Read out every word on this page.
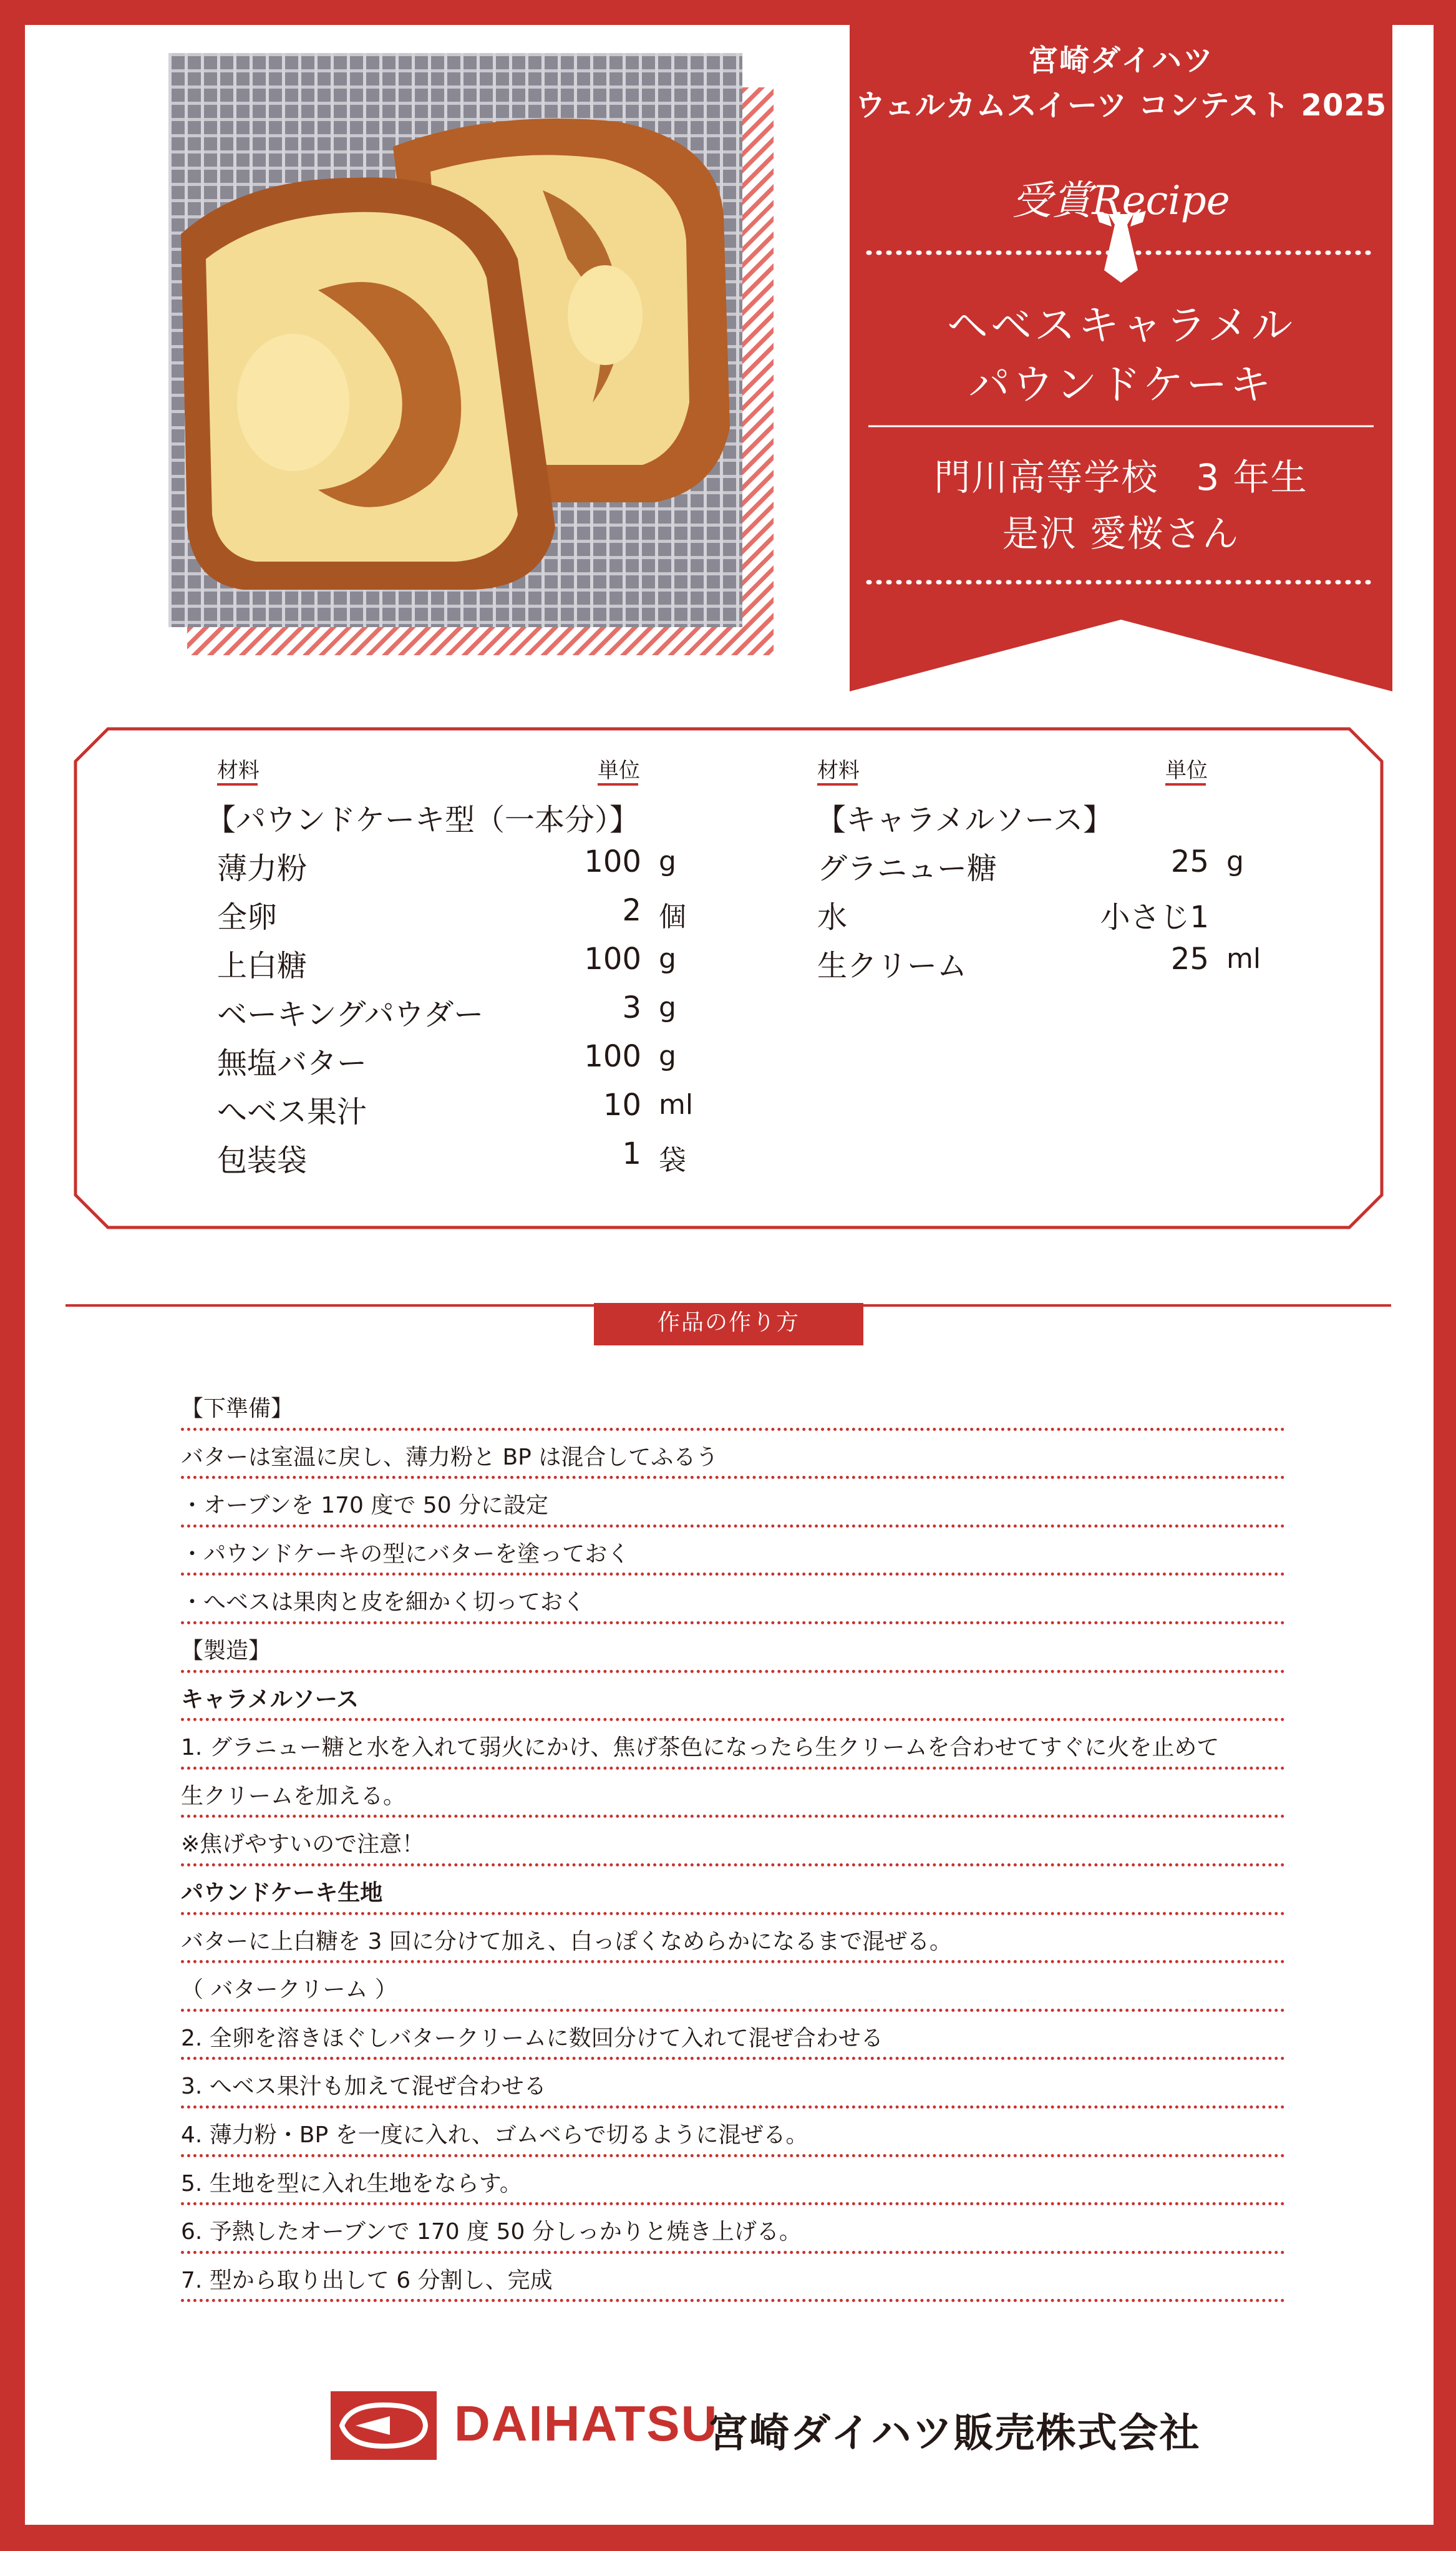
宮崎ダイハツ
ウェルカムスイーツ コンテスト 2025
受賞Recipe
ヘベスキャラメル
パウンドケーキ
門川高等学校　3 年生
是沢 愛桜さん
材料	単位	材料	単位
【パウンドケーキ型（一本分）】	【キャラメルソース】
薄力粉	100 g
全卵	2 個
上白糖	100 g
ベーキングパウダー	3 g
無塩バター	100 g
へベス果汁	10 ml
包装袋	1 袋
グラニュー糖	25 g
水	小さじ1
生クリーム	25 ml
作品の作り方
【下準備】
バターは室温に戻し、薄力粉と BP は混合してふるう
・オーブンを 170 度で 50 分に設定
・パウンドケーキの型にバターを塗っておく
・へベスは果肉と皮を細かく切っておく
【製造】
キャラメルソース
1. グラニュー糖と水を入れて弱火にかけ、焦げ茶色になったら生クリームを合わせてすぐに火を止めて
生クリームを加える。
※焦げやすいので注意！
パウンドケーキ生地
バターに上白糖を 3 回に分けて加え、白っぽくなめらかになるまで混ぜる。
（ バタークリーム ）
2. 全卵を溶きほぐしバタークリームに数回分けて入れて混ぜ合わせる
3. へベス果汁も加えて混ぜ合わせる
4. 薄力粉・BP を一度に入れ、ゴムベらで切るように混ぜる。
5. 生地を型に入れ生地をならす。
6. 予熱したオーブンで 170 度 50 分しっかりと焼き上げる。
7. 型から取り出して 6 分割し、完成
DAIHATSU
宮崎ダイハツ販売株式会社
